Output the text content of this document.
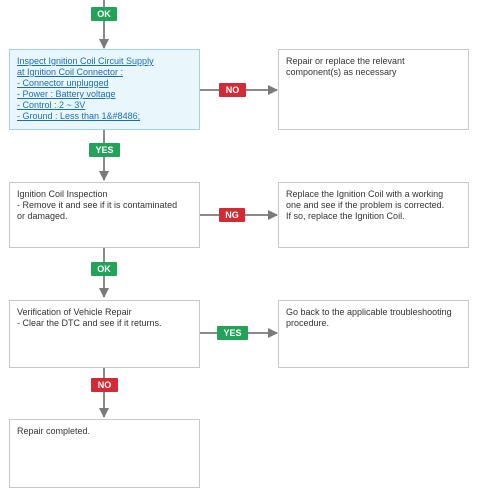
OK
Inspect Ignition Coil Circuit Supply
at Ignition Coil Connector :
- Connector unplugged
- Power : Battery voltage
- Control : 2 ~ 3V
- Ground : Less than 1&#8486;
NO
Repair or replace the relevant
component(s) as necessary
YES
Ignition Coil Inspection
- Remove it and see if it is contaminated
or damaged.	NG
Replace the Ignition Coil with a working
one and see if the problem is corrected.
If so, replace the Ignition Coil.
OK
Verification of Vehicle Repair
- Clear the DTC and see if it returns.
YES
Go back to the applicable troubleshooting
procedure.
NO
Repair completed.
